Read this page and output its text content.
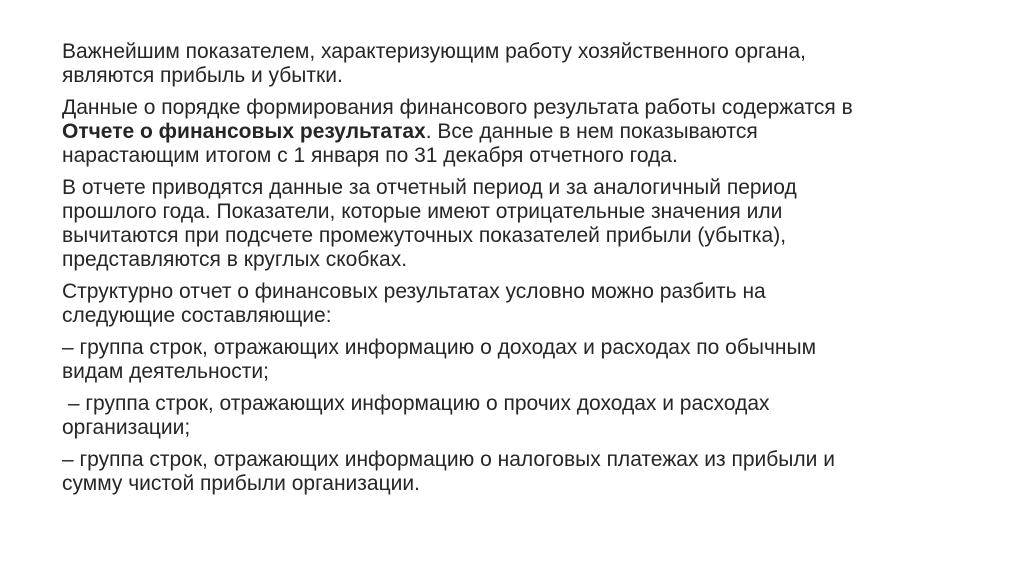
Важнейшим показателем, характеризующим работу хозяйственного органа,
являются прибыль и убытки.

Данные о порядке формирования финансового результата работы содержатся в
Отчете о финансовых результатах. Все данные в нем показываются
нарастающим итогом с 1 января по 31 декабря отчетного года.

В отчете приводятся данные за отчетный период и за аналогичный период
прошлого года. Показатели, которые имеют отрицательные значения или
вычитаются при подсчете промежуточных показателей прибыли (убытка),
представляются в круглых скобках.

Структурно отчет о финансовых результатах условно можно разбить на
следующие составляющие:

– группа строк, отражающих информацию о доходах и расходах по обычным
видам деятельности;

– группа строк, отражающих информацию о прочих доходах и расходах
организации;

– группа строк, отражающих информацию о налоговых платежах из прибыли и
сумму чистой прибыли организации.
